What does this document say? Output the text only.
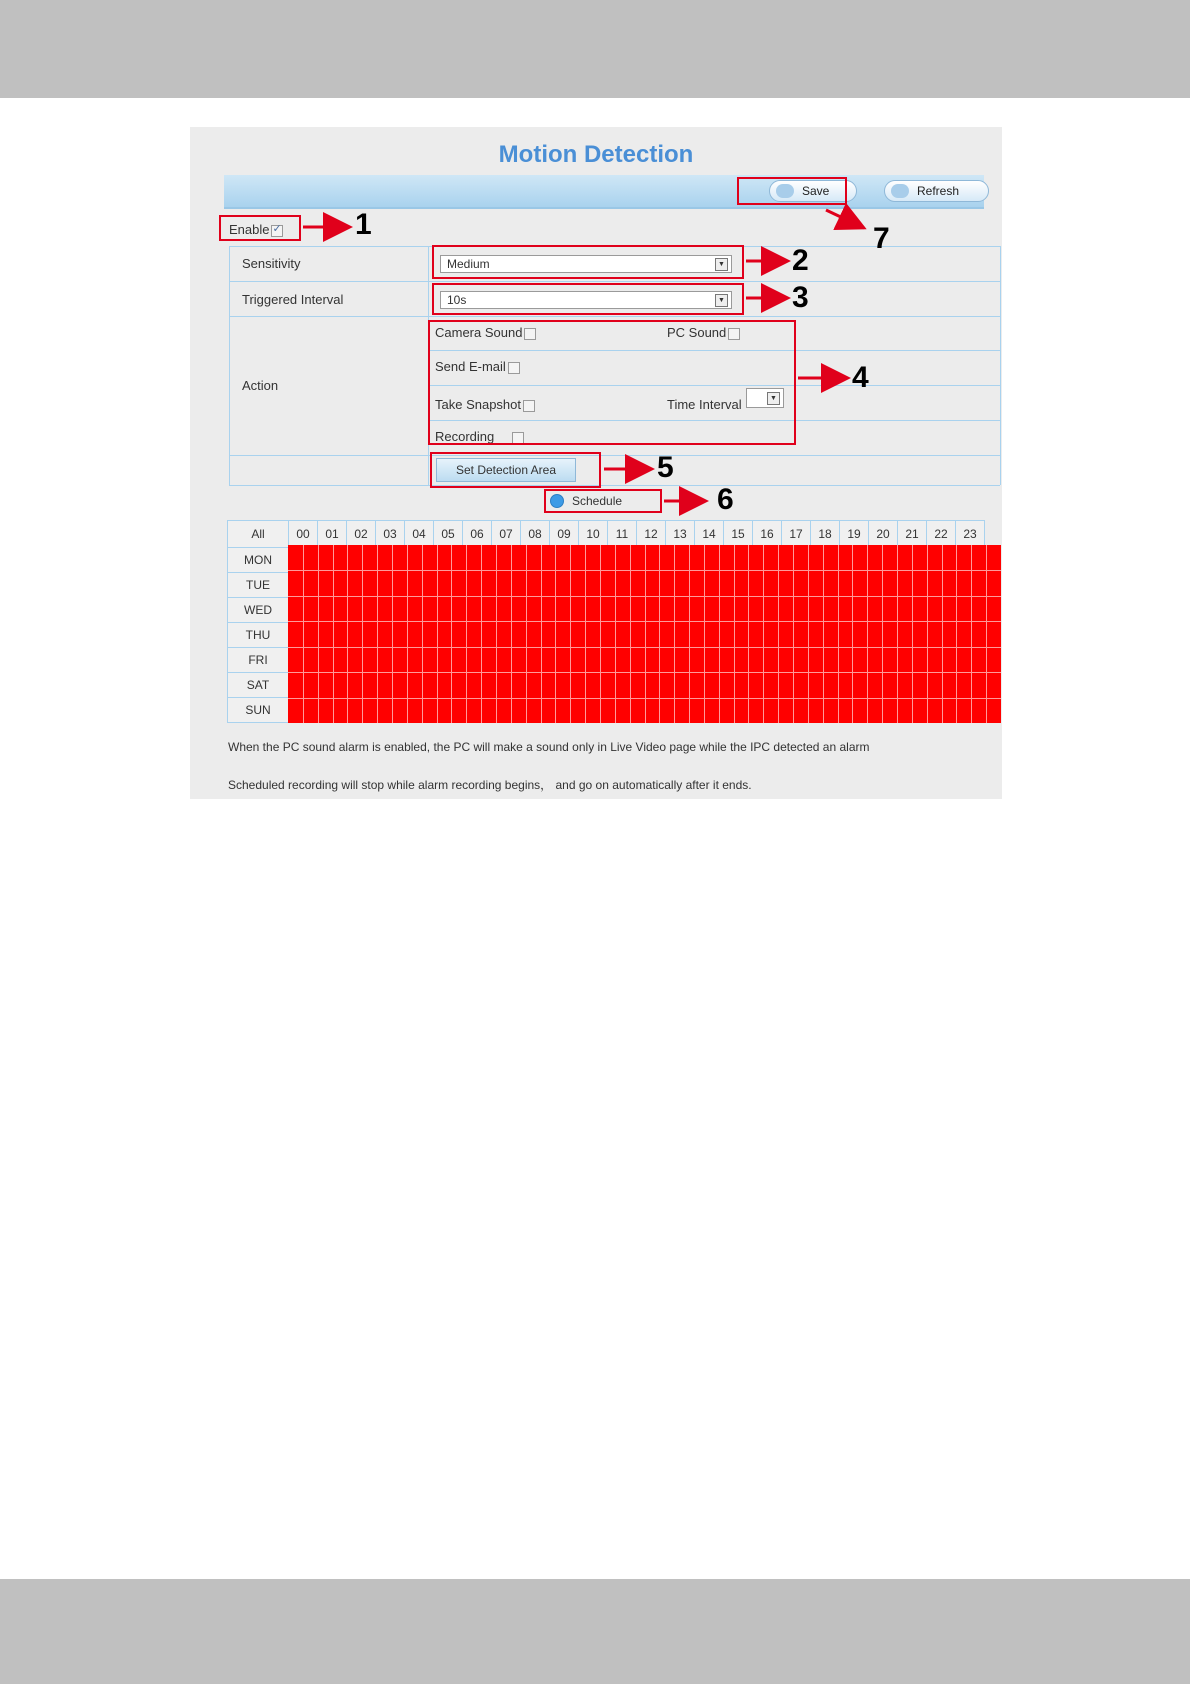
Motion Detection
Save	Refresh
Enable✓
Sensitivity	Medium	▼
Triggered Interval	10s	▼
Action
Camera Sound	PC Sound
Send E-mail
Take Snapshot	Time Interval	▼
Recording
Set Detection Area
Schedule
All	00	01	02	03	04	05	06	07	08	09	10	11	12	13	14	15	16	17	18	19	20	21	22	23
MON																								
TUE																								
WED																								
THU																								
FRI																								
SAT																								
SUN																								
When the PC sound alarm is enabled, the PC will make a sound only in Live Video page while the IPC detected an alarm
Scheduled recording will stop while alarm recording begins， and go on automatically after it ends.
1
2
3
4
5
6
7
